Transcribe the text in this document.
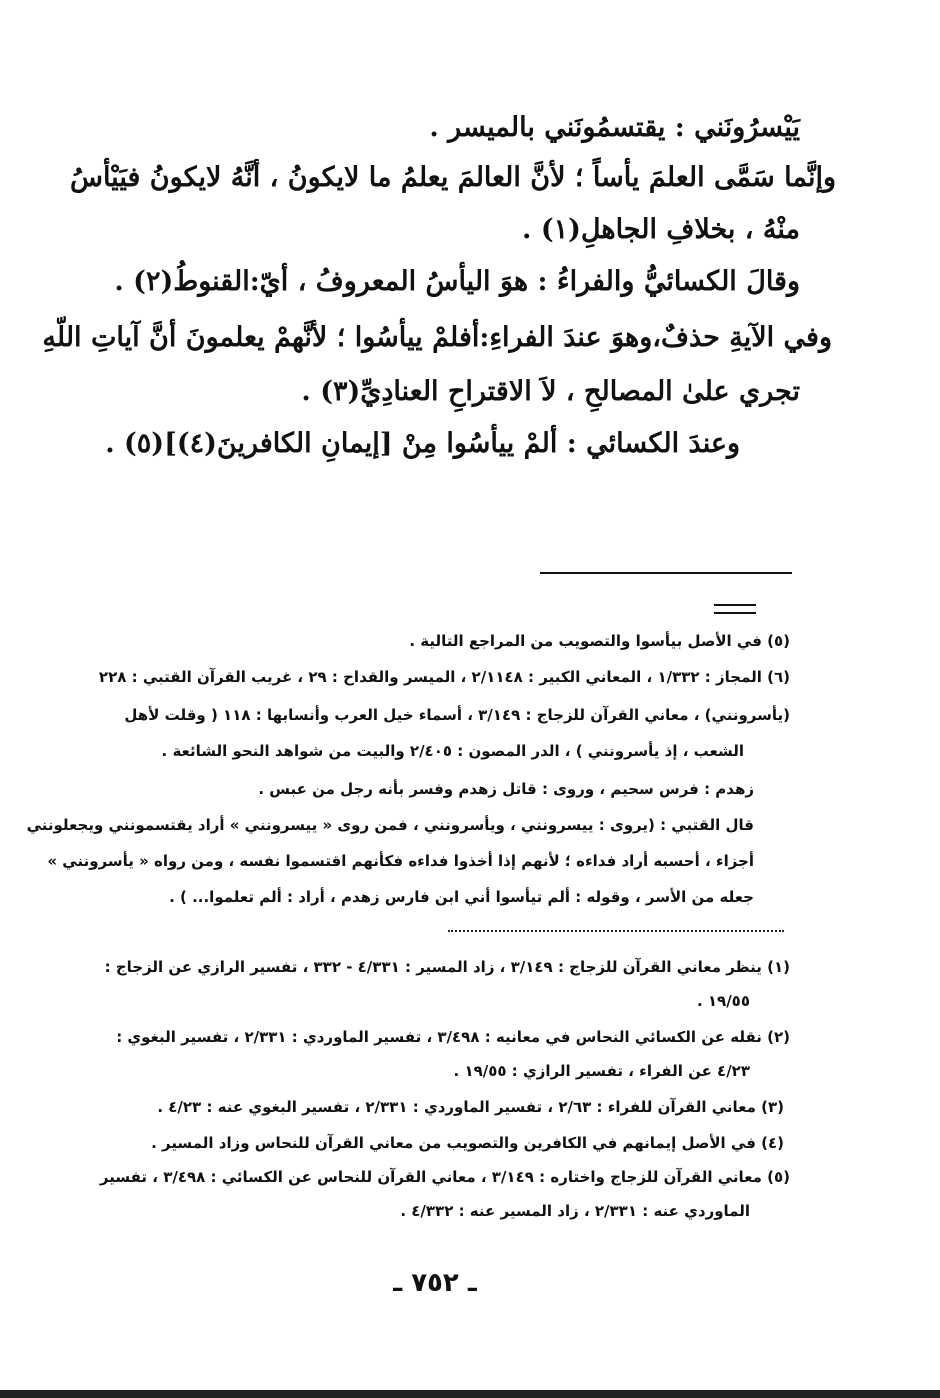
يَيْسرُونَني : يقتسمُونَني بالميسر .
وإنَّما سَمَّى العلمَ يأساً ؛ لأنَّ العالمَ يعلمُ ما لايكونُ ، أنَّهُ لايكونُ فيَيْأسُ
منْهُ ، بخلافِ الجاهلِ(١) .
وقالَ الكسائيُّ والفراءُ : هوَ اليأسُ المعروفُ ، أيّ:القنوطُ(٢) .
وفي الآيةِ حذفٌ،وهوَ عندَ الفراءِ:أفلمْ ييأسُوا ؛ لأنَّهمْ يعلمونَ أنَّ آياتِ اللّهِ
تجري علىٰ المصالحِ ، لاَ الاقتراحِ العنادِيِّ(٣) .
وعندَ الكسائي : ألمْ ييأسُوا مِنْ [إيمانِ الكافرينَ(٤)](٥) .
(٥) في الأصل بيأسوا والتصويب من المراجع التالية .
(٦) المجاز : ١/٣٣٢ ، المعاني الكبير : ٢/١١٤٨ ، الميسر والقداح : ٢٩ ، غريب القرآن القتبي : ٢٢٨
(يأسرونني) ، معاني القرآن للزجاج : ٣/١٤٩ ، أسماء خيل العرب وأنسابها : ١١٨ ( وقلت لأهل
الشعب ، إذ يأسرونني ) ، الدر المصون : ٢/٤٠٥ والبيت من شواهد النحو الشائعة .
زهدم : فرس سحيم ، وروى : قاتل زهدم وفسر بأنه رجل من عبس .
قال القتبي : (يروى : ييسرونني ، ويأسرونني ، فمن روى « ييسرونني » أراد يقتسمونني ويجعلونني
أجزاء ، أحسبه أراد فداءه ؛ لأنهم إذا أخذوا فداءه فكأنهم اقتسموا نفسه ، ومن رواه « يأسرونني »
جعله من الأسر ، وقوله : ألم تيأسوا أني ابن فارس زهدم ، أراد : ألم تعلموا... ) .
(١) ينظر معاني القرآن للزجاج : ٣/١٤٩ ، زاد المسير : ٤/٣٣١ - ٣٣٢ ، تفسير الرازي عن الزجاج :
١٩/٥٥ .
(٢) نقله عن الكسائي النحاس في معانيه : ٣/٤٩٨ ، تفسير الماوردي : ٢/٣٣١ ، تفسير البغوي :
٤/٢٣ عن الفراء ، تفسير الرازي : ١٩/٥٥ .
(٣) معاني القرآن للفراء : ٢/٦٣ ، تفسير الماوردي : ٢/٣٣١ ، تفسير البغوي عنه : ٤/٢٣ .
(٤) في الأصل إيمانهم في الكافرين والتصويب من معاني القرآن للنحاس وزاد المسير .
(٥) معاني القرآن للزجاج واختاره : ٣/١٤٩ ، معاني القرآن للنحاس عن الكسائي : ٣/٤٩٨ ، تفسير
الماوردي عنه : ٢/٣٣١ ، زاد المسير عنه : ٤/٣٣٢ .
ـ ٧٥٢ ـ
